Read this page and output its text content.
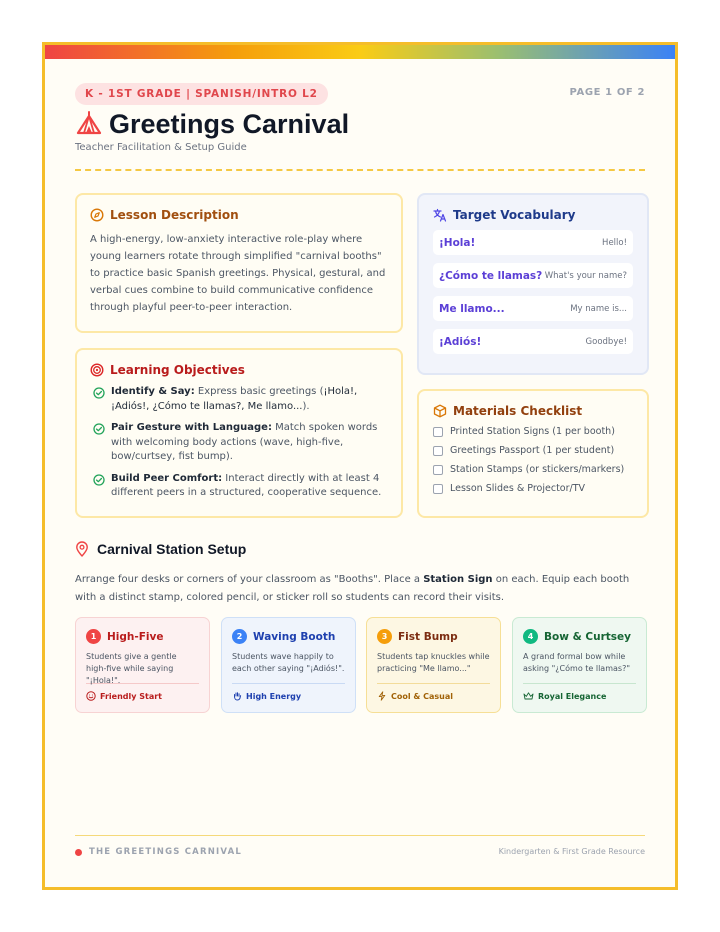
K - 1ST GRADE | SPANISH/INTRO L2	PAGE 1 OF 2
Greetings Carnival
Teacher Facilitation & Setup Guide
Lesson Description

A high-energy, low-anxiety interactive role-play where young learners rotate through simplified "carnival booths" to practice basic Spanish greetings. Physical, gestural, and verbal cues combine to build communicative confidence through playful peer-to-peer interaction.

Learning Objectives
Identify & Say: Express basic greetings (¡Hola!, ¡Adiós!, ¿Cómo te llamas?, Me llamo...).
Pair Gesture with Language: Match spoken words with welcoming body actions (wave, high-five, bow/curtsey, fist bump).
Build Peer Comfort: Interact directly with at least 4 different peers in a structured, cooperative sequence.
Target Vocabulary
¡Hola!	Hello!
¿Cómo te llamas? What's your name?
Me llamo...	My name is...
¡Adiós!	Goodbye!
Materials Checklist
Printed Station Signs (1 per booth)
Greetings Passport (1 per student)
Station Stamps (or stickers/markers)
Lesson Slides & Projector/TV
Carnival Station Setup

Arrange four desks or corners of your classroom as "Booths". Place a Station Sign on each. Equip each booth with a distinct stamp, colored pencil, or sticker roll so students can record their visits.

1	High-Five
Students give a gentle high-five while saying "¡Hola!".
Friendly Start
2	Waving Booth
Students wave happily to each other saying "¡Adiós!".
High Energy
3	Fist Bump
Students tap knuckles while practicing "Me llamo..."
Cool & Casual
4	Bow & Curtsey
A grand formal bow while asking "¿Cómo te llamas?"
Royal Elegance
THE GREETINGS CARNIVAL	Kindergarten & First Grade Resource
